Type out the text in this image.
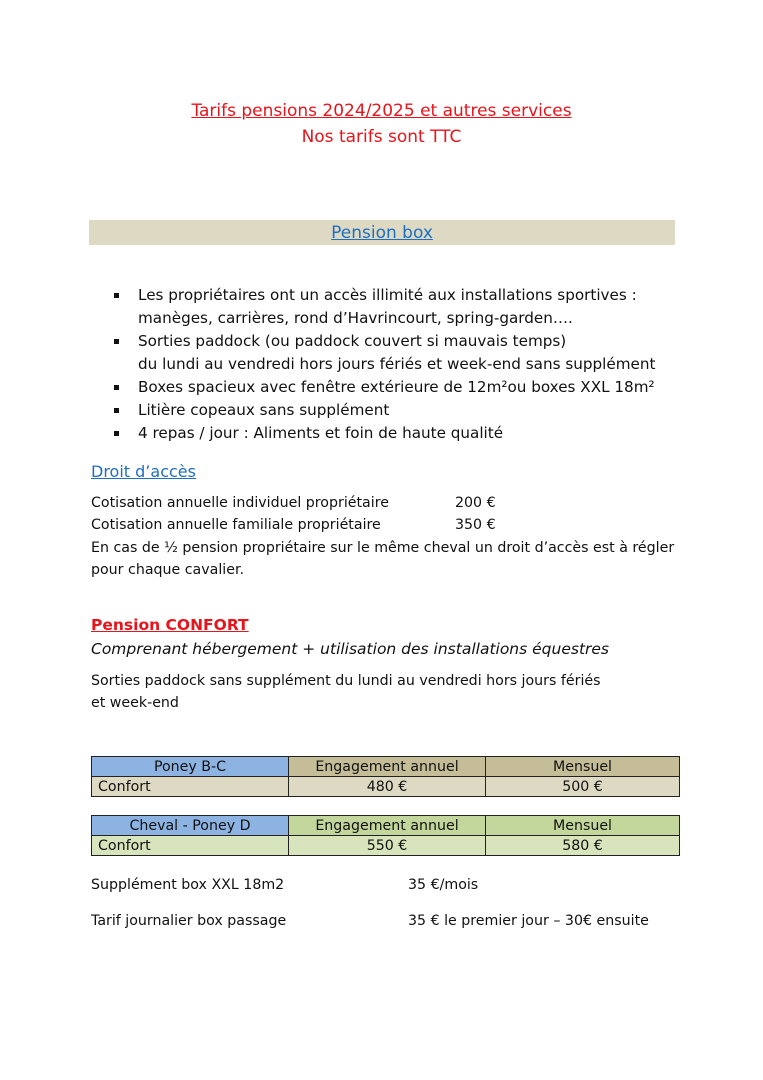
Tarifs pensions 2024/2025 et autres services
Nos tarifs sont TTC
Pension box
Les propriétaires ont un accès illimité aux installations sportives :
manèges, carrières, rond d’Havrincourt, spring-garden….
Sorties paddock (ou paddock couvert si mauvais temps)
du lundi au vendredi hors jours fériés et week-end sans supplément
Boxes spacieux avec fenêtre extérieure de 12m²ou boxes XXL 18m²
Litière copeaux sans supplément
4 repas / jour : Aliments et foin de haute qualité
Droit d’accès
Cotisation annuelle individuel propriétaire	200 €
Cotisation annuelle familiale propriétaire	350 €
En cas de ½ pension propriétaire sur le même cheval un droit d’accès est à régler
pour chaque cavalier.
Pension CONFORT
Comprenant hébergement + utilisation des installations équestres
Sorties paddock sans supplément du lundi au vendredi hors jours fériés
et week-end
Poney B-C	Engagement annuel	Mensuel
Confort	480 €	500 €
Cheval - Poney D	Engagement annuel	Mensuel
Confort	550 €	580 €
Supplément box XXL 18m2	35 €/mois
Tarif journalier box passage	35 € le premier jour – 30€ ensuite
